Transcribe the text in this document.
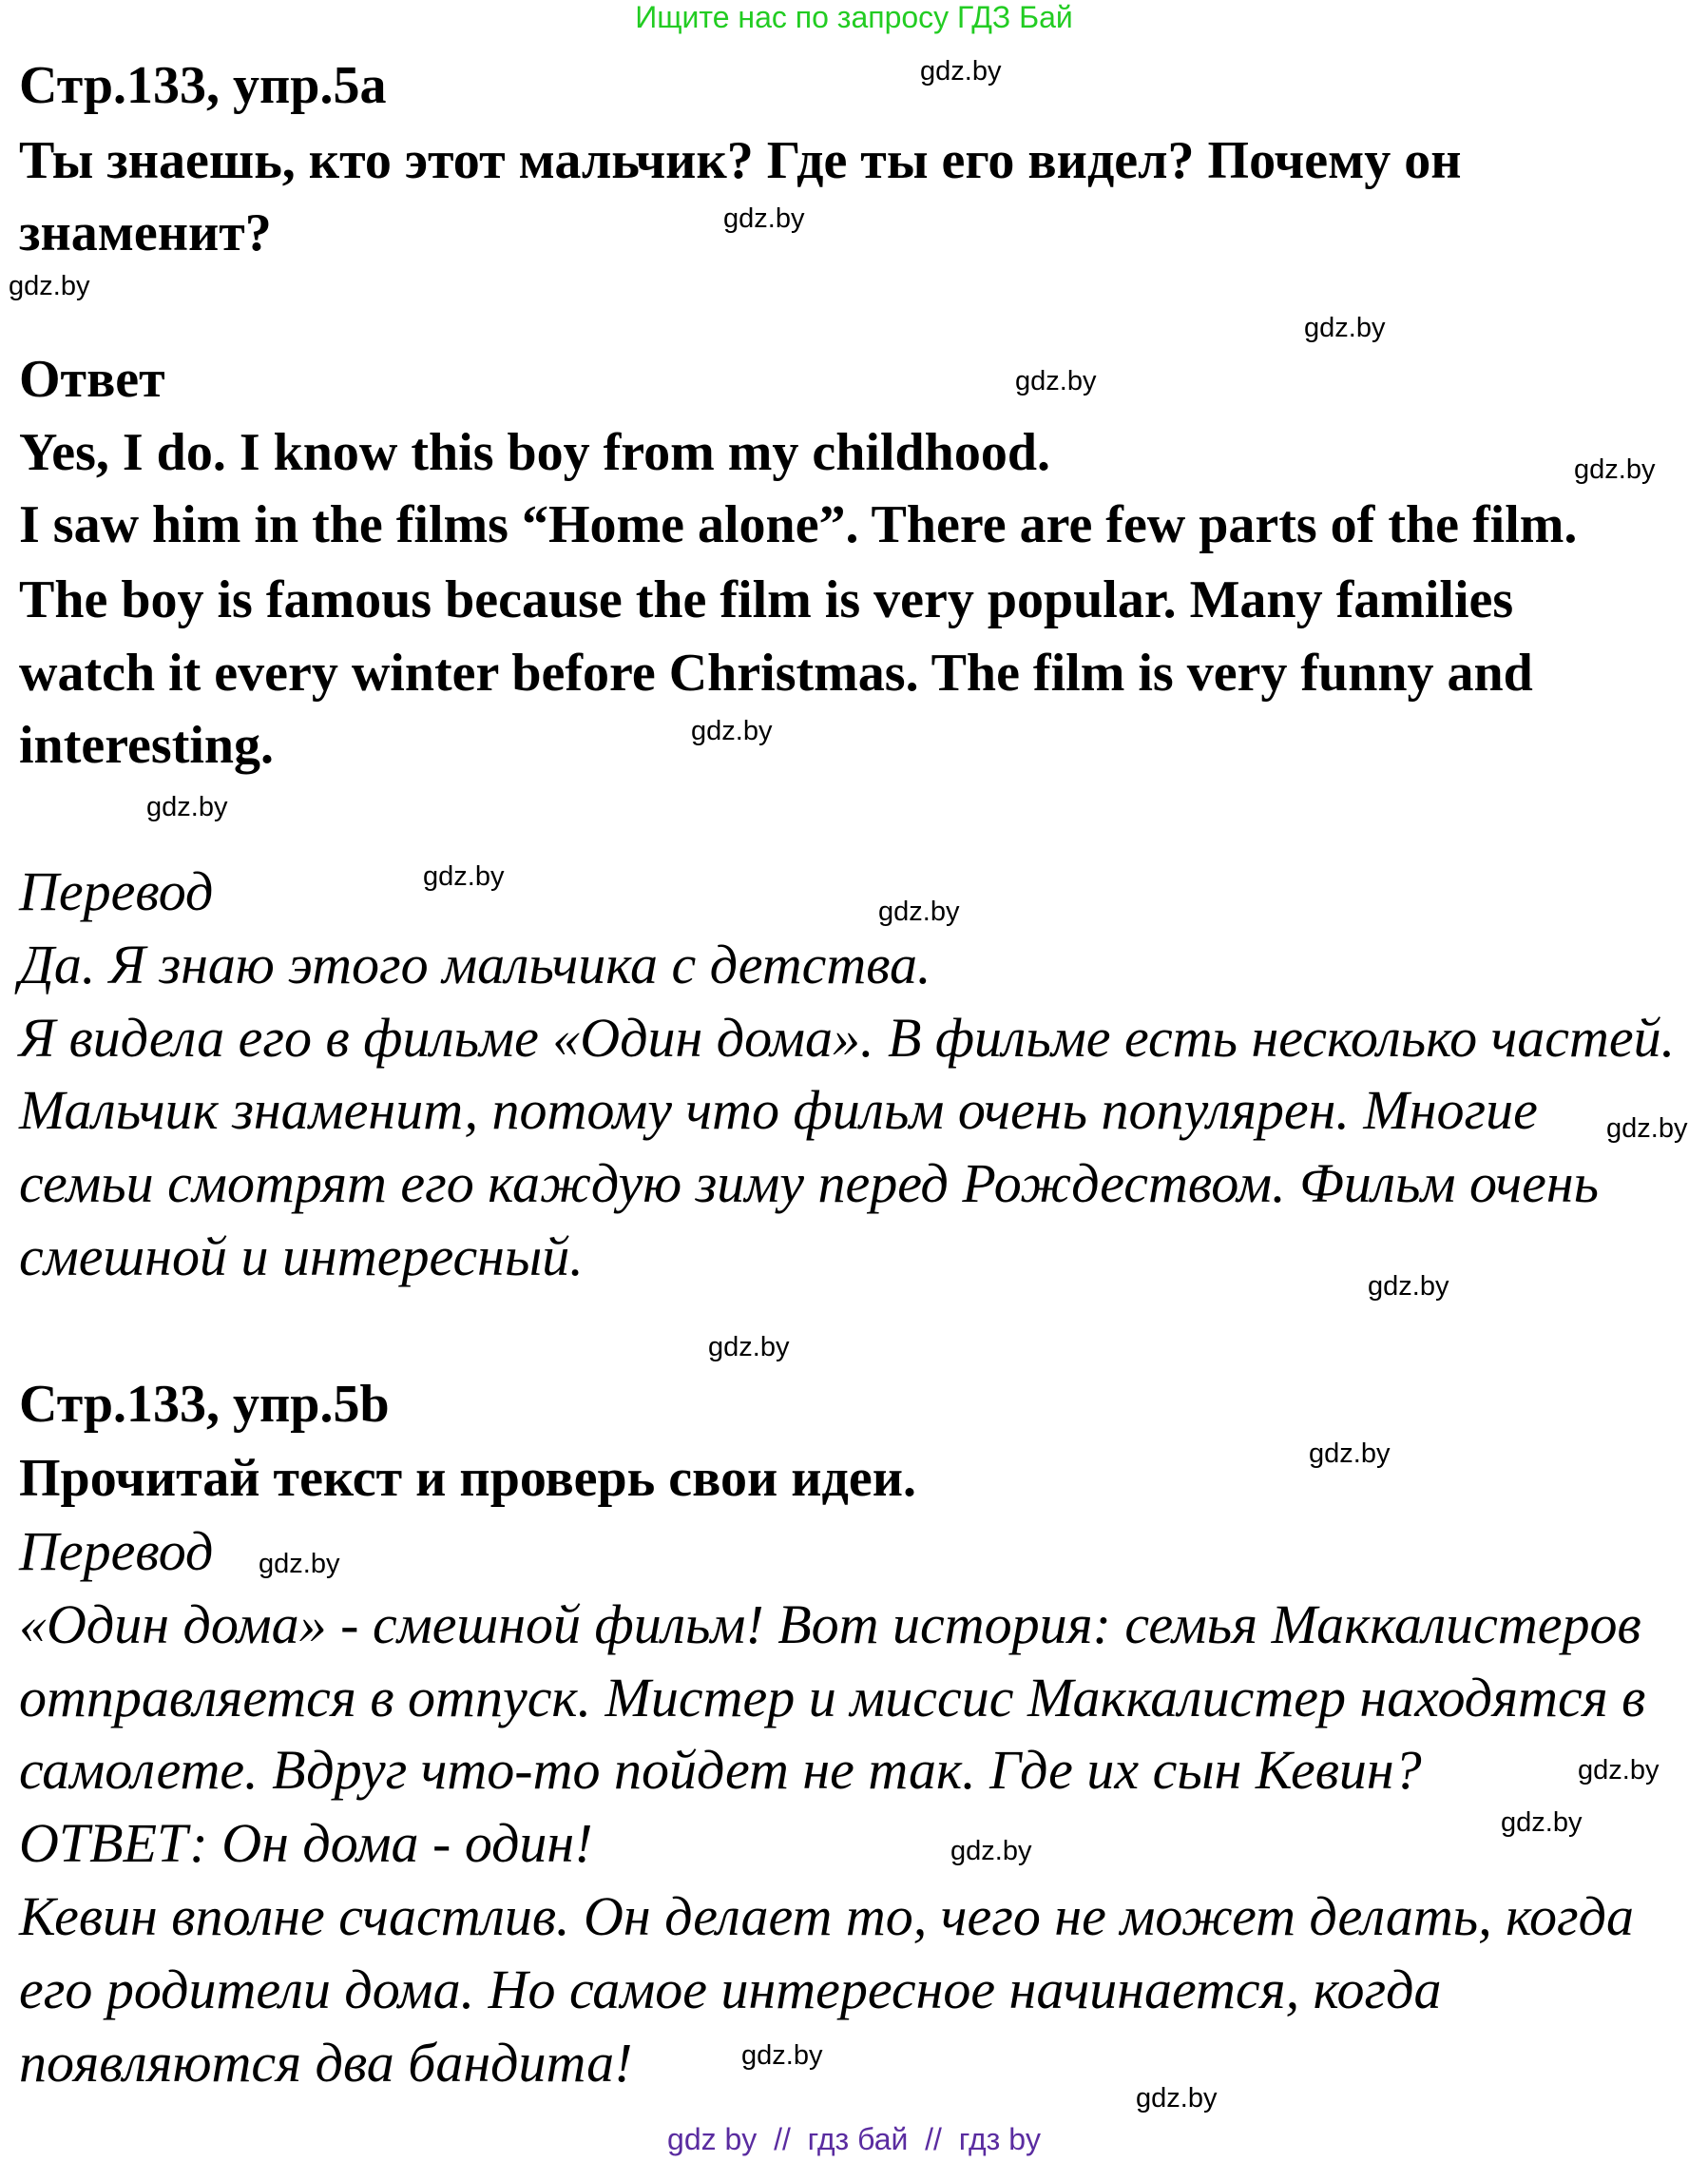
Ищите нас по запросу ГДЗ Бай
Стр.133, упр.5a
Ты знаешь, кто этот мальчик? Где ты его видел? Почему он
знаменит?
Ответ
Yes, I do. I know this boy from my childhood.
I saw him in the films “Home alone”. There are few parts of the film.
The boy is famous because the film is very popular. Many families
watch it every winter before Christmas. The film is very funny and
interesting.
Перевод
Да. Я знаю этого мальчика с детства.
Я видела его в фильме «Один дома». В фильме есть несколько частей.
Мальчик знаменит, потому что фильм очень популярен. Многие
семьи смотрят его каждую зиму перед Рождеством. Фильм очень
смешной и интересный.
Стр.133, упр.5b
Прочитай текст и проверь свои идеи.
Перевод
«Один дома» - смешной фильм! Вот история: семья Маккалистеров
отправляется в отпуск. Мистер и миссис Маккалистер находятся в
самолете. Вдруг что-то пойдет не так. Где их сын Кевин?
ОТВЕТ: Он дома - один!
Кевин вполне счастлив. Он делает то, чего не может делать, когда
его родители дома. Но самое интересное начинается, когда
появляются два бандита!
gdz.by
gdz.by
gdz.by
gdz.by
gdz.by
gdz.by
gdz.by
gdz.by
gdz.by
gdz.by
gdz.by
gdz.by
gdz.by
gdz.by
gdz.by
gdz.by
gdz.by
gdz.by
gdz.by
gdz.by
gdz by  //  гдз бай  //  гдз by
